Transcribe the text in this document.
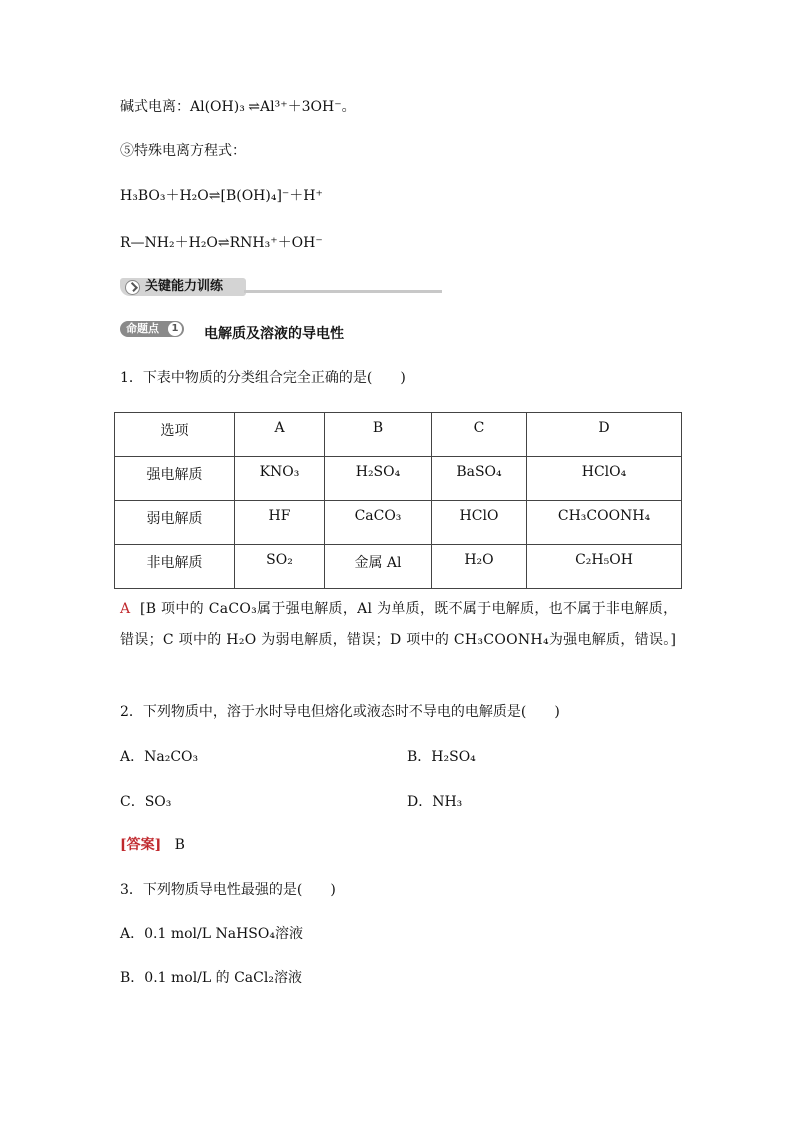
碱式电离：Al(OH)₃ ⇌Al³⁺＋3OH⁻。
⑤特殊电离方程式：
H₃BO₃＋H₂O⇌[B(OH)₄]⁻＋H⁺
R—NH₂＋H₂O⇌RNH₃⁺＋OH⁻
关键能力训练
命题点	1 电解质及溶液的导电性
1．下表中物质的分类组合完全正确的是(　　)
选项	A	B	C	D
强电解质	KNO₃	H₂SO₄	BaSO₄	HClO₄
弱电解质	HF	CaCO₃	HClO	CH₃COONH₄
非电解质	SO₂	金属 Al	H₂O	C₂H₅OH
A [B 项中的 CaCO₃属于强电解质，Al 为单质，既不属于电解质，也不属于非电解质，错误；C 项中的 H₂O 为弱电解质，错误；D 项中的 CH₃COONH₄为强电解质，错误。]
2．下列物质中，溶于水时导电但熔化或液态时不导电的电解质是(　　)
A．Na₂CO₃	B．H₂SO₄
C．SO₃	D．NH₃
[答案] B
3．下列物质导电性最强的是(　　)
A．0.1 mol/L NaHSO₄溶液
B．0.1 mol/L 的 CaCl₂溶液
